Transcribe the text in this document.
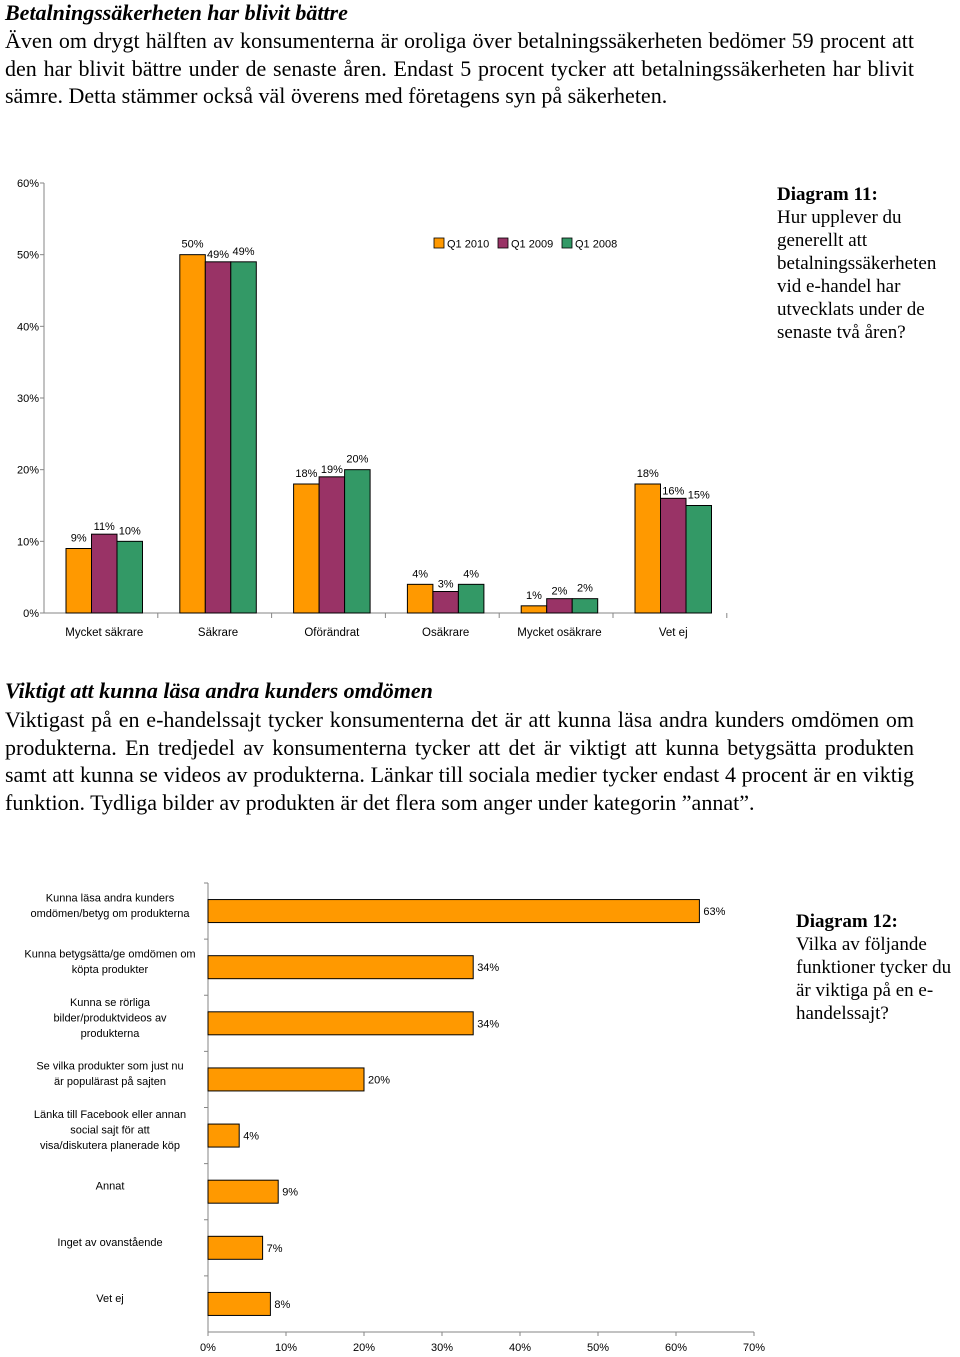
Betalningssäkerheten har blivit bättre

Även om drygt hälften av konsumenterna är oroliga över betalningssäkerheten bedömer 59 procent att den har blivit bättre under de senaste åren. Endast 5 procent tycker att betalningssäkerheten har blivit sämre. Detta stämmer också väl överens med företagens syn på säkerheten.

0%
10%
20%
30%
40%
50%
60%
Mycket säkrare
9%
11% 10%
Säkrare
50%
49% 49%
Oförändrat
18% 19%
20%
Osäkrare
4%
3%
4%
Mycket osäkrare
1% 2% 2%
Vet ej
18%
16% 15%
Q1 2010 Q1 2009 Q1 2008
Diagram 11:
Hur upplever du generellt att betalningssäkerheten vid e-handel har utvecklats under de senaste två åren?
Viktigt att kunna läsa andra kunders omdömen

Viktigast på en e-handelssajt tycker konsumenterna det är att kunna läsa andra kunders omdömen om produkterna. En tredjedel av konsumenterna tycker att det är viktigt att kunna betygsätta produkten samt att kunna se videos av produkterna. Länkar till sociala medier tycker endast 4 procent är en viktig funktion. Tydliga bilder av produkten är det flera som anger under kategorin ”annat”.

0%	10%	20%	30%	40%	50%	60%	70%
63%
Kunna läsa andra kunders omdömen/betyg om produkterna
34%
Kunna betygsätta/ge omdömen om köpta produkter
34%
Kunna se rörliga bilder/produktvideos av produkterna
20%
Se vilka produkter som just nu är populärast på sajten
4%
Länka till Facebook eller annan social sajt för att visa/diskutera planerade köp
9%
Annat
7%
Inget av ovanstående
8%
Vet ej
Diagram 12:
Vilka av följande funktioner tycker du är viktiga på en e-handelssajt?
